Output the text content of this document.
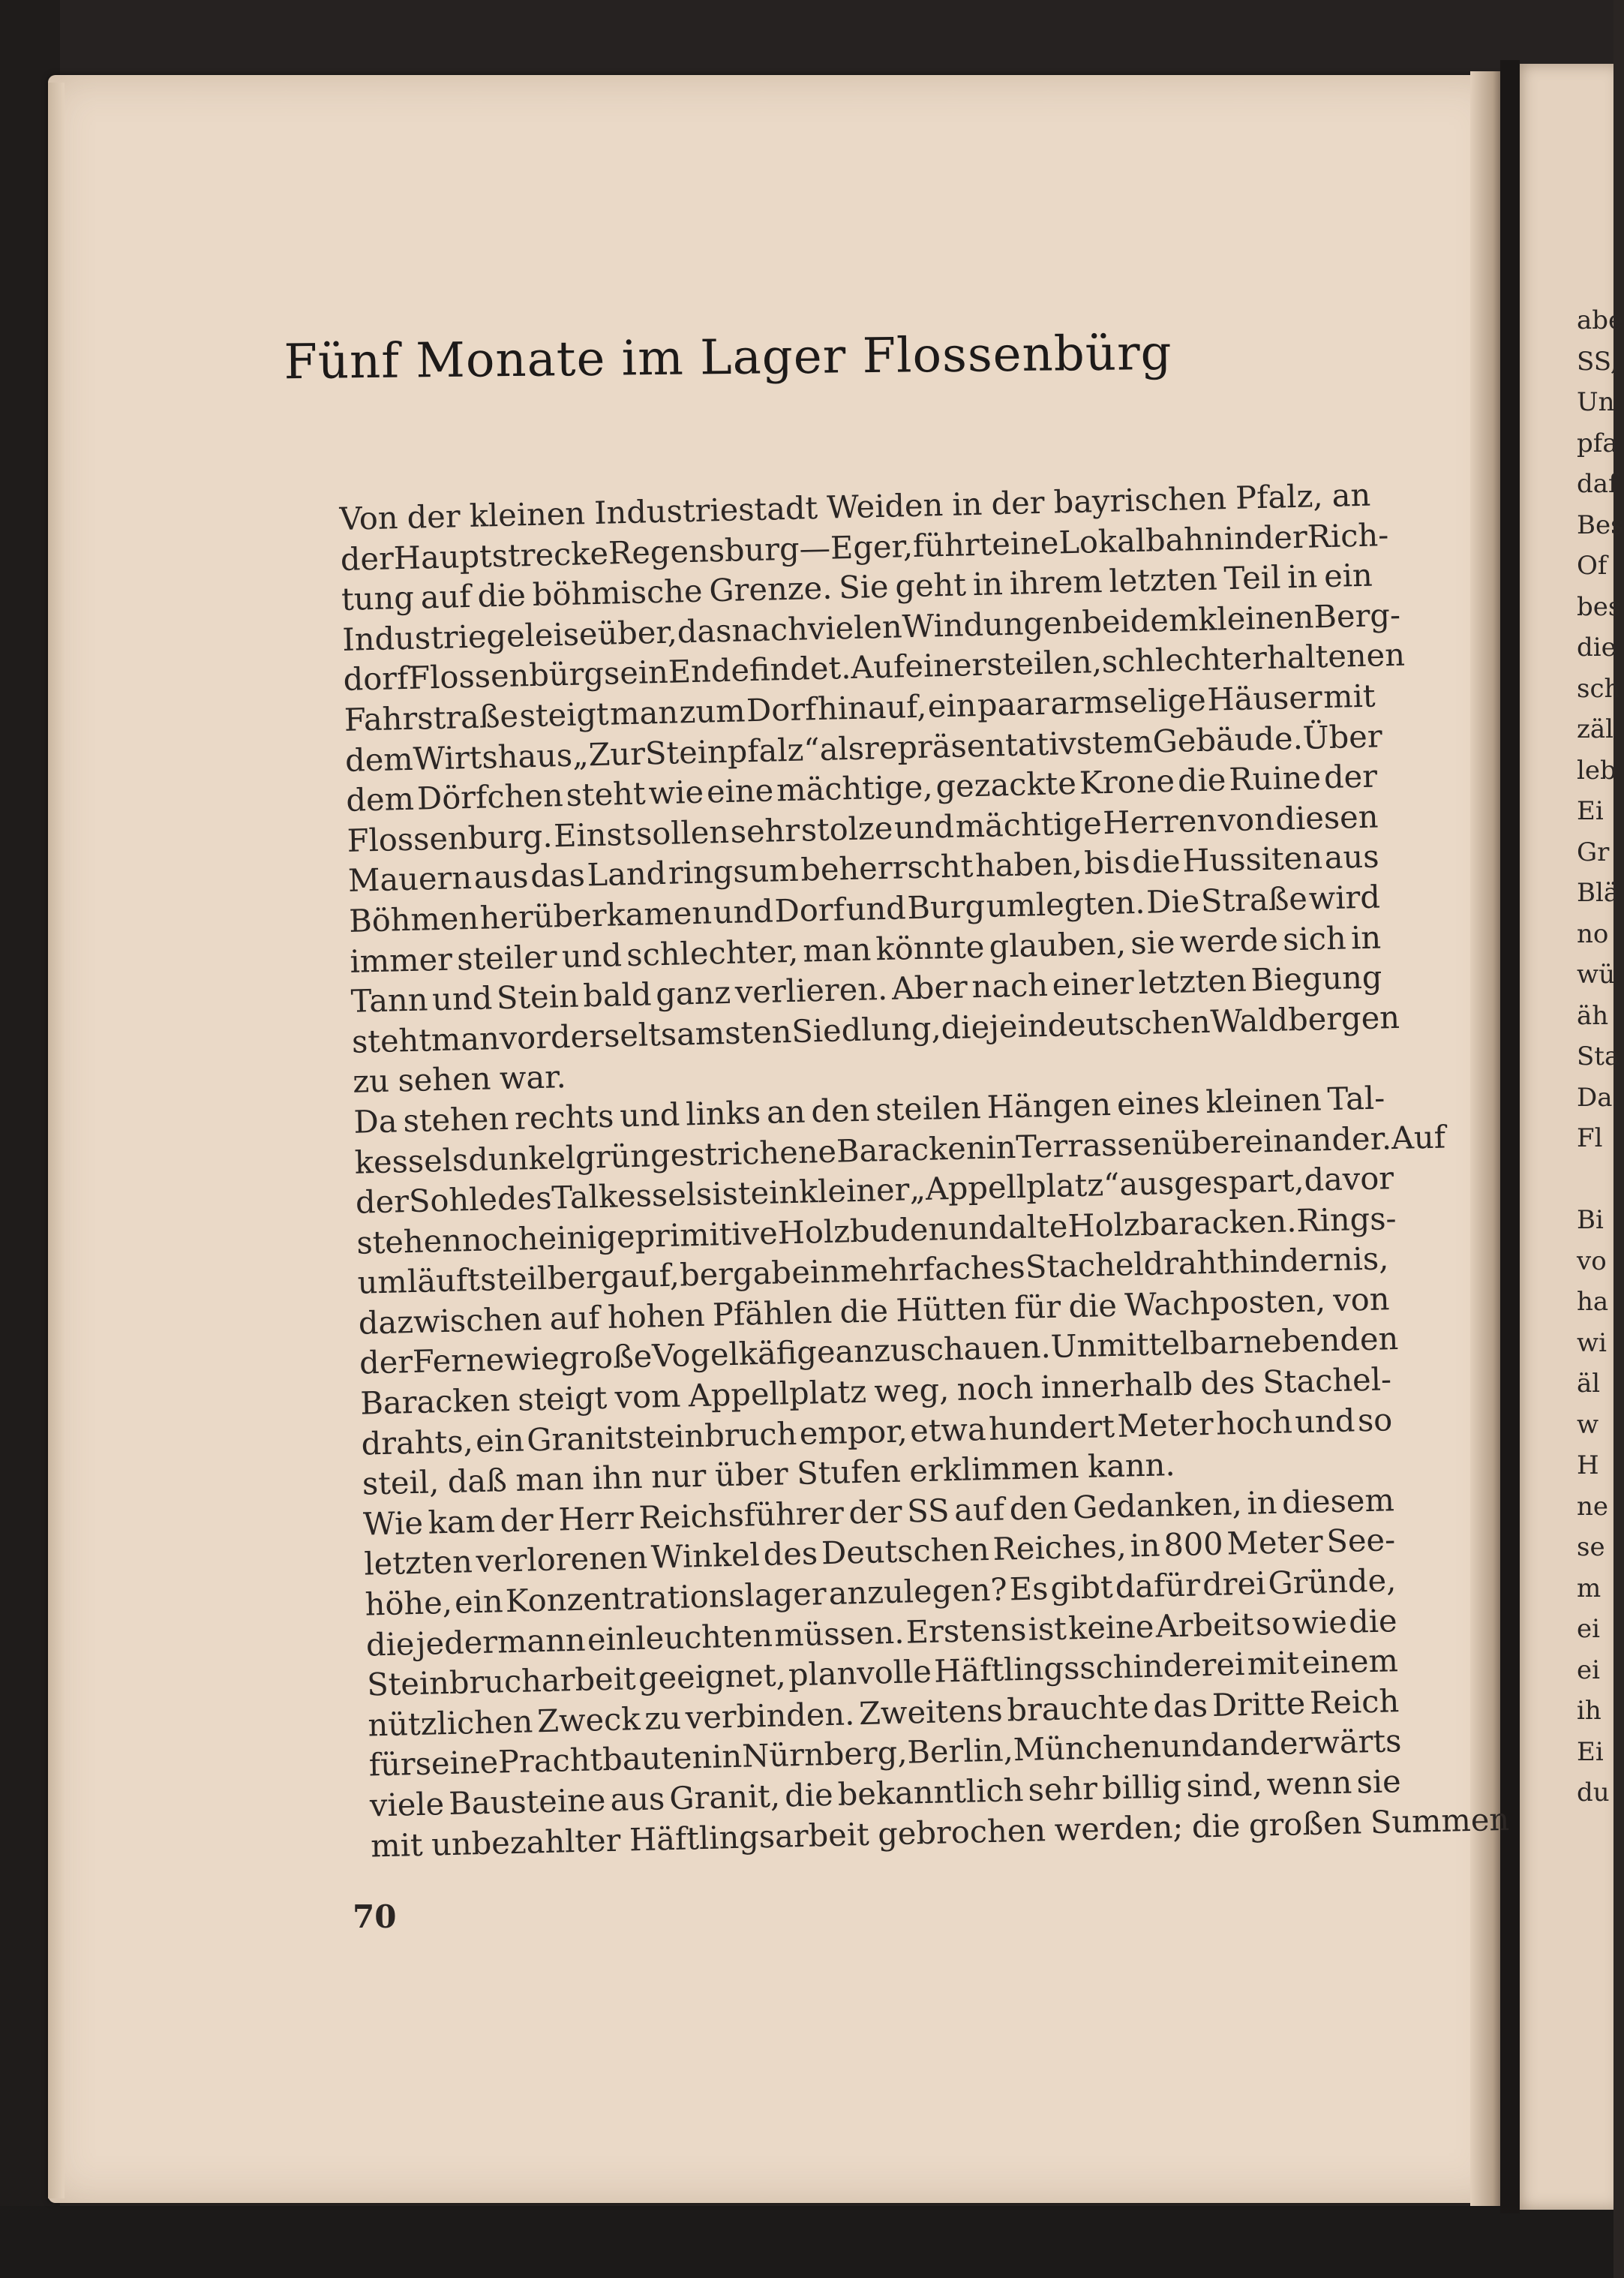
abe
SS,
Un
pfa
daf
Bes
Of
bes
die
sch
zäl
leb
Ei
Gr
Blä
no
wü
äh
Sta
Da
Fl
Bi
vo
ha
wi
äl
w
H
ne
se
m
ei
ei
ih
Ei
du
Fünf Monate im Lager Flossenbürg
Von der kleinen Industriestadt Weiden in der bayrischen Pfalz, an
der
Hauptstrecke
Regensburg—Eger,
führt
eine
Lokalbahn
in
der
Rich-
tung auf die böhmische Grenze. Sie geht in ihrem letzten Teil in ein
Industriegeleise
über,
das
nach
vielen
Windungen
bei
dem
kleinen
Berg-
dorf
Flossenbürg
sein
Ende
findet.
Auf
einer
steilen,
schlecht
erhaltenen
Fahrstraße steigt man zum Dorf hinauf, ein paar armselige Häuser mit
dem
Wirtshaus
„Zur
Steinpfalz“
als
repräsentativstem
Gebäude.
Über
dem Dörfchen steht wie eine mächtige, gezackte Krone die Ruine der
Flossenburg. Einst sollen sehr stolze und mächtige Herren von diesen
Mauern aus das Land ringsum beherrscht haben, bis die Hussiten aus
Böhmen herüberkamen und Dorf und Burg umlegten. Die Straße wird
immer steiler und schlechter, man könnte glauben, sie werde sich in
Tann und Stein bald ganz verlieren. Aber nach einer letzten Biegung
steht
man
vor
der
seltsamsten
Siedlung,
die
je
in
deutschen
Waldbergen
zu sehen war.
Da stehen rechts und links an den steilen Hängen eines kleinen Tal-
kessels
dunkelgrün
gestrichene
Baracken
in
Terrassen
übereinander.
Auf
der
Sohle
des
Talkessels
ist
ein
kleiner
„Appellplatz“
ausgespart,
davor
stehen
noch
einige
primitive
Holzbuden
und
alte
Holzbaracken.
Rings-
um läuft steil bergauf, bergab ein mehrfaches Stacheldrahthindernis,
dazwischen auf hohen Pfählen die Hütten für die Wachposten, von
der
Ferne
wie
große
Vogelkäfige
anzuschauen.
Unmittelbar
neben
den
Baracken steigt vom Appellplatz weg, noch innerhalb des Stachel-
drahts, ein Granitsteinbruch empor, etwa hundert Meter hoch und so
steil, daß man ihn nur über Stufen erklimmen kann.
Wie kam der Herr Reichsführer der SS auf den Gedanken, in diesem
letzten verlorenen Winkel des Deutschen Reiches, in 800 Meter See-
höhe, ein Konzentrationslager anzulegen? Es gibt dafür drei Gründe,
die jedermann einleuchten müssen. Erstens ist keine Arbeit so wie die
Steinbrucharbeit geeignet, planvolle Häftlingsschinderei mit einem
nützlichen Zweck zu verbinden. Zweitens brauchte das Dritte Reich
für
seine
Prachtbauten
in
Nürnberg,
Berlin,
München
und
anderwärts
viele Bausteine aus Granit, die bekanntlich sehr billig sind, wenn sie
mit unbezahlter Häftlingsarbeit gebrochen werden; die großen Summen
70
